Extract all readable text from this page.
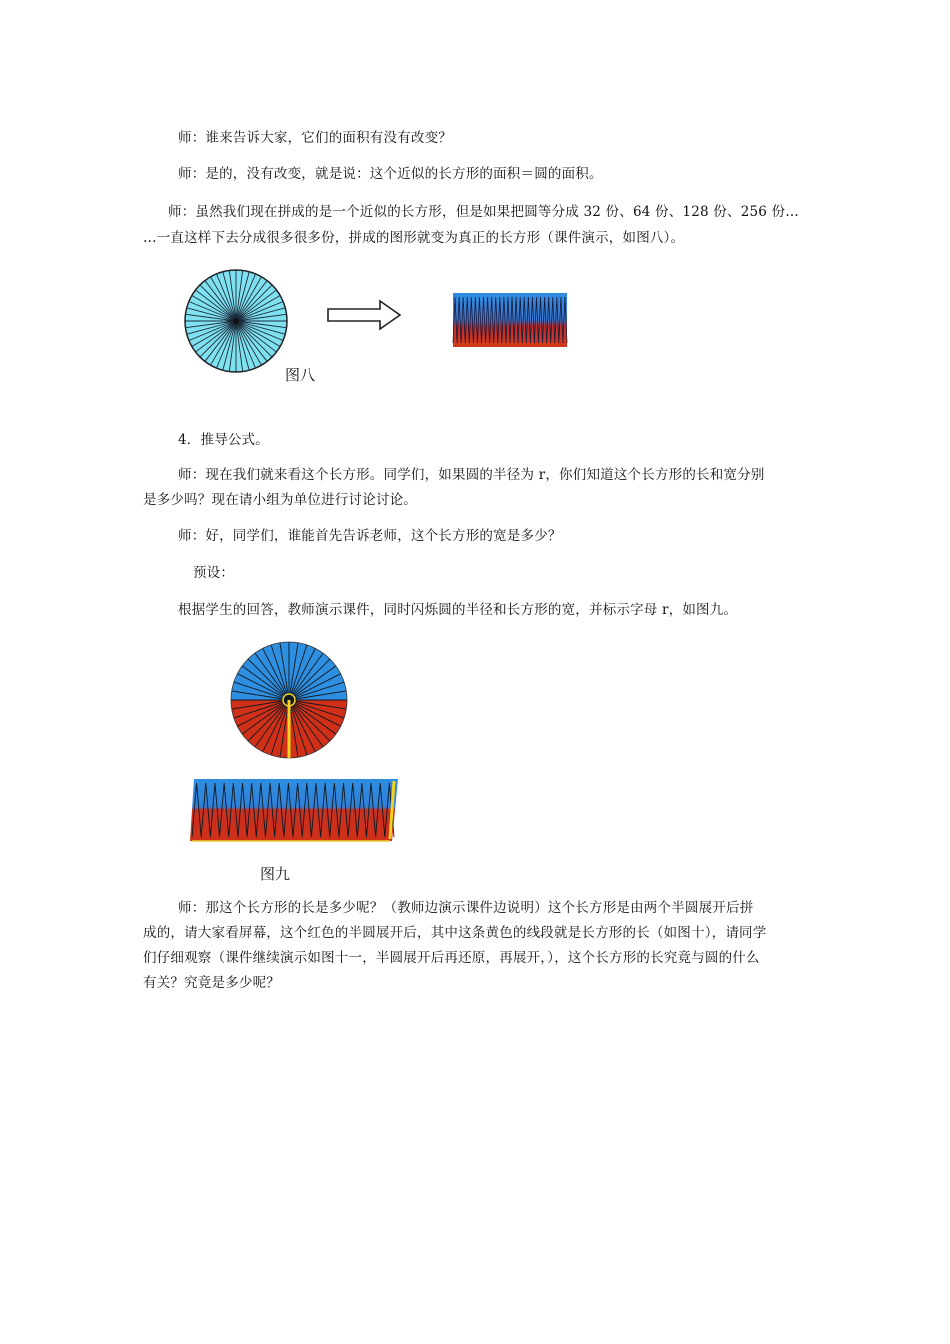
师：谁来告诉大家，它们的面积有没有改变？
师：是的，没有改变，就是说：这个近似的长方形的面积＝圆的面积。
师：虽然我们现在拼成的是一个近似的长方形，但是如果把圆等分成 32 份、64 份、128 份、256 份…
…一直这样下去分成很多很多份，拼成的图形就变为真正的长方形（课件演示，如图八）。
图八
4．推导公式。
师：现在我们就来看这个长方形。同学们，如果圆的半径为 r，你们知道这个长方形的长和宽分别
是多少吗？现在请小组为单位进行讨论讨论。
师：好，同学们，谁能首先告诉老师，这个长方形的宽是多少？
预设：
根据学生的回答，教师演示课件，同时闪烁圆的半径和长方形的宽，并标示字母 r，如图九。
图九
师：那这个长方形的长是多少呢？（教师边演示课件边说明）这个长方形是由两个半圆展开后拼
成的，请大家看屏幕，这个红色的半圆展开后，其中这条黄色的线段就是长方形的长（如图十），请同学
们仔细观察（课件继续演示如图十一，半圆展开后再还原，再展开，），这个长方形的长究竟与圆的什么
有关？究竟是多少呢？
